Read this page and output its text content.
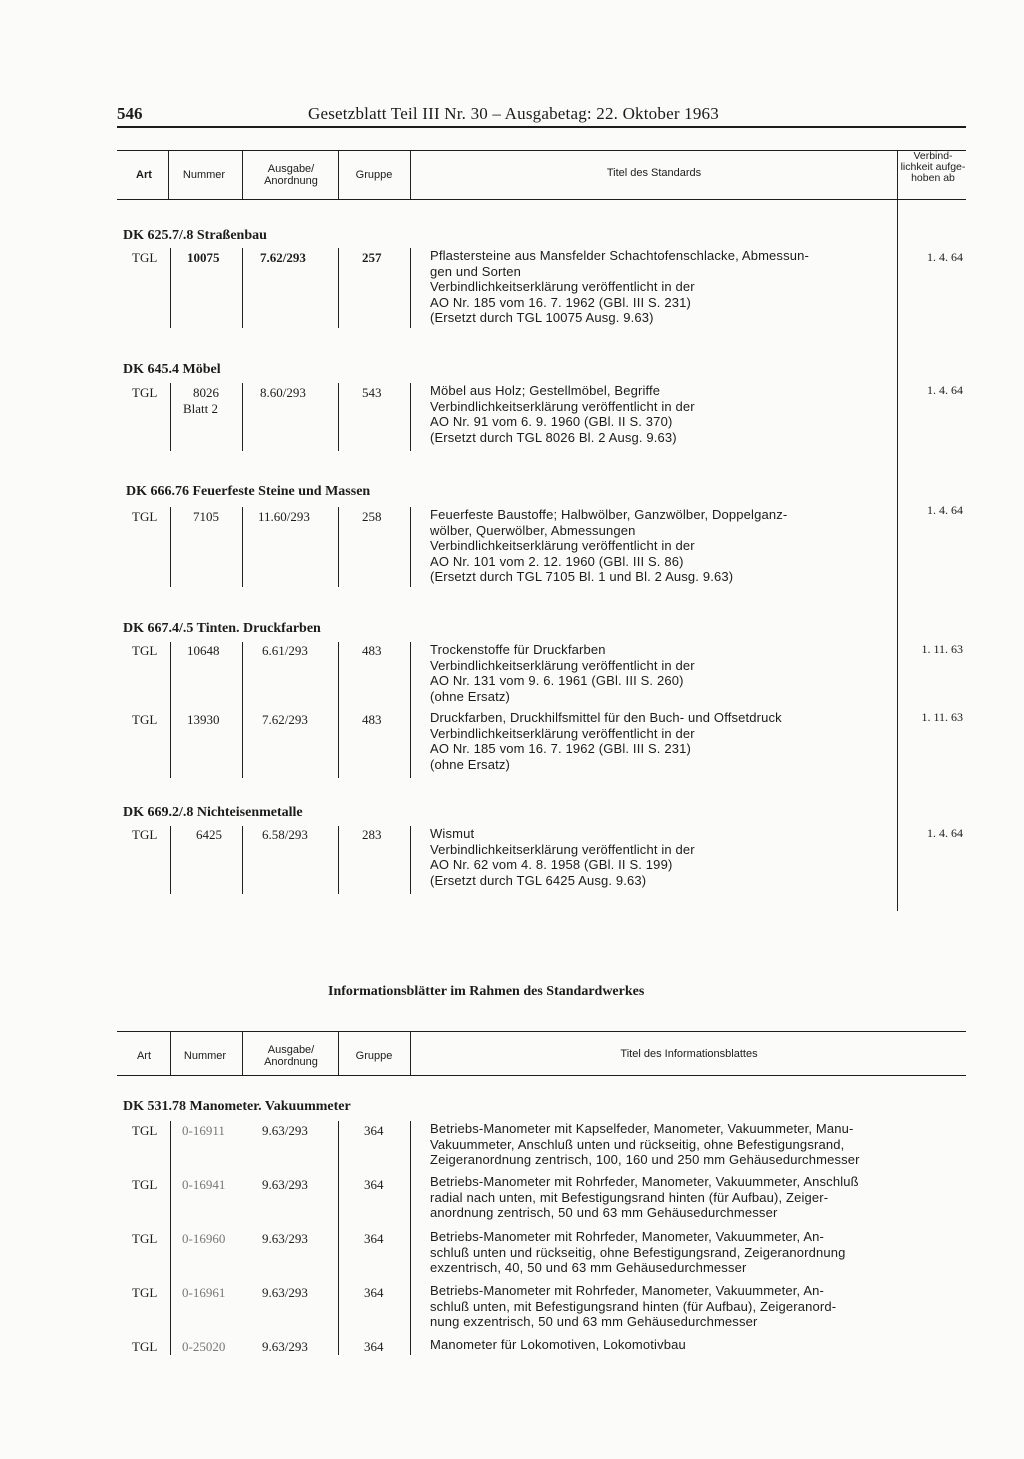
546	Gesetzblatt Teil III Nr. 30 – Ausgabetag: 22. Oktober 1963
Art	Nummer	Ausgabe/ Anordnung	Gruppe	Titel des Standards
Verbind- lichkeit aufge- hoben ab
DK 625.7/.8 Straßenbau
TGL 10075	7.62/293	257	Pflastersteine aus Mansfelder Schachtofenschlacke, Abmessun-
gen und Sorten
Verbindlichkeitserklärung veröffentlicht in der
AO Nr. 185 vom 16. 7. 1962 (GBl. III S. 231)
(Ersetzt durch TGL 10075 Ausg. 9.63)
1. 4. 64
DK 645.4 Möbel
TGL	8026
Blatt 2
8.60/293	543	Möbel aus Holz; Gestellmöbel, Begriffe
Verbindlichkeitserklärung veröffentlicht in der
AO Nr. 91 vom 6. 9. 1960 (GBl. II S. 370)
(Ersetzt durch TGL 8026 Bl. 2 Ausg. 9.63)
1. 4. 64
DK 666.76 Feuerfeste Steine und Massen
TGL	7105	11.60/293	258	Feuerfeste Baustoffe; Halbwölber, Ganzwölber, Doppelganz-
wölber, Querwölber, Abmessungen
Verbindlichkeitserklärung veröffentlicht in der
AO Nr. 101 vom 2. 12. 1960 (GBl. III S. 86)
(Ersetzt durch TGL 7105 Bl. 1 und Bl. 2 Ausg. 9.63)
1. 4. 64
DK 667.4/.5 Tinten. Druckfarben
TGL 10648	6.61/293	483	Trockenstoffe für Druckfarben
Verbindlichkeitserklärung veröffentlicht in der
AO Nr. 131 vom 9. 6. 1961 (GBl. III S. 260)
(ohne Ersatz)
1. 11. 63
TGL 13930	7.62/293	483	Druckfarben, Druckhilfsmittel für den Buch- und Offsetdruck
Verbindlichkeitserklärung veröffentlicht in der
AO Nr. 185 vom 16. 7. 1962 (GBl. III S. 231)
(ohne Ersatz)
1. 11. 63
DK 669.2/.8 Nichteisenmetalle
TGL	6425	6.58/293	283	Wismut
Verbindlichkeitserklärung veröffentlicht in der
AO Nr. 62 vom 4. 8. 1958 (GBl. II S. 199)
(Ersetzt durch TGL 6425 Ausg. 9.63)
1. 4. 64
Informationsblätter im Rahmen des Standardwerkes
Art	Nummer	Ausgabe/ Anordnung	Gruppe	Titel des Informationsblattes
DK 531.78 Manometer. Vakuummeter
TGL 0-16911	9.63/293	364	Betriebs-Manometer mit Kapselfeder, Manometer, Vakuummeter, Manu-
Vakuummeter, Anschluß unten und rückseitig, ohne Befestigungsrand,
Zeigeranordnung zentrisch, 100, 160 und 250 mm Gehäusedurchmesser
TGL 0-16941	9.63/293	364	Betriebs-Manometer mit Rohrfeder, Manometer, Vakuummeter, Anschluß
radial nach unten, mit Befestigungsrand hinten (für Aufbau), Zeiger-
anordnung zentrisch, 50 und 63 mm Gehäusedurchmesser
TGL 0-16960	9.63/293	364	Betriebs-Manometer mit Rohrfeder, Manometer, Vakuummeter, An-
schluß unten und rückseitig, ohne Befestigungsrand, Zeigeranordnung
exzentrisch, 40, 50 und 63 mm Gehäusedurchmesser
TGL 0-16961	9.63/293	364	Betriebs-Manometer mit Rohrfeder, Manometer, Vakuummeter, An-
schluß unten, mit Befestigungsrand hinten (für Aufbau), Zeigeranord-
nung exzentrisch, 50 und 63 mm Gehäusedurchmesser
TGL 0-25020	9.63/293	364	Manometer für Lokomotiven, Lokomotivbau
